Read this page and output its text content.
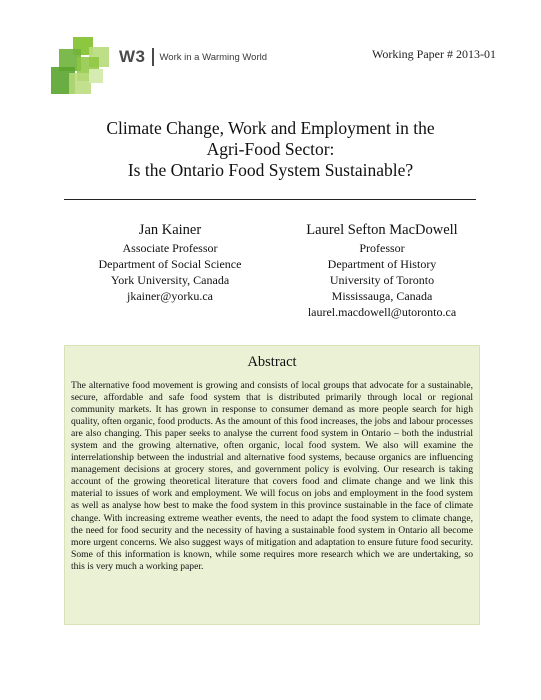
W3 Work in a Warming World	Working Paper # 2013-01
Climate Change, Work and Employment in the
Agri-Food Sector:
Is the Ontario Food System Sustainable?
Jan Kainer
Associate Professor
Department of Social Science
York University, Canada
jkainer@yorku.ca
Laurel Sefton MacDowell
Professor
Department of History
University of Toronto
Mississauga, Canada
laurel.macdowell@utoronto.ca
Abstract

The alternative food movement is growing and consists of local groups that advocate for a sustainable, secure, affordable and safe food system that is distributed primarily through local or regional community markets. It has grown in response to consumer demand as more people search for high quality, often organic, food products. As the amount of this food increases, the jobs and labour processes are also changing. This paper seeks to analyse the current food system in Ontario – both the industrial system and the growing alternative, often organic, local food system. We also will examine the interrelationship between the industrial and alternative food systems, because organics are influencing management decisions at grocery stores, and government policy is evolving. Our research is taking account of the growing theoretical literature that covers food and climate change and we link this material to issues of work and employment. We will focus on jobs and employment in the food system as well as analyse how best to make the food system in this province sustainable in the face of climate change. With increasing extreme weather events, the need to adapt the food system to climate change, the need for food security and the necessity of having a sustainable food system in Ontario all become more urgent concerns. We also suggest ways of mitigation and adaptation to ensure future food security. Some of this information is known, while some requires more research which we are undertaking, so this is very much a working paper.
